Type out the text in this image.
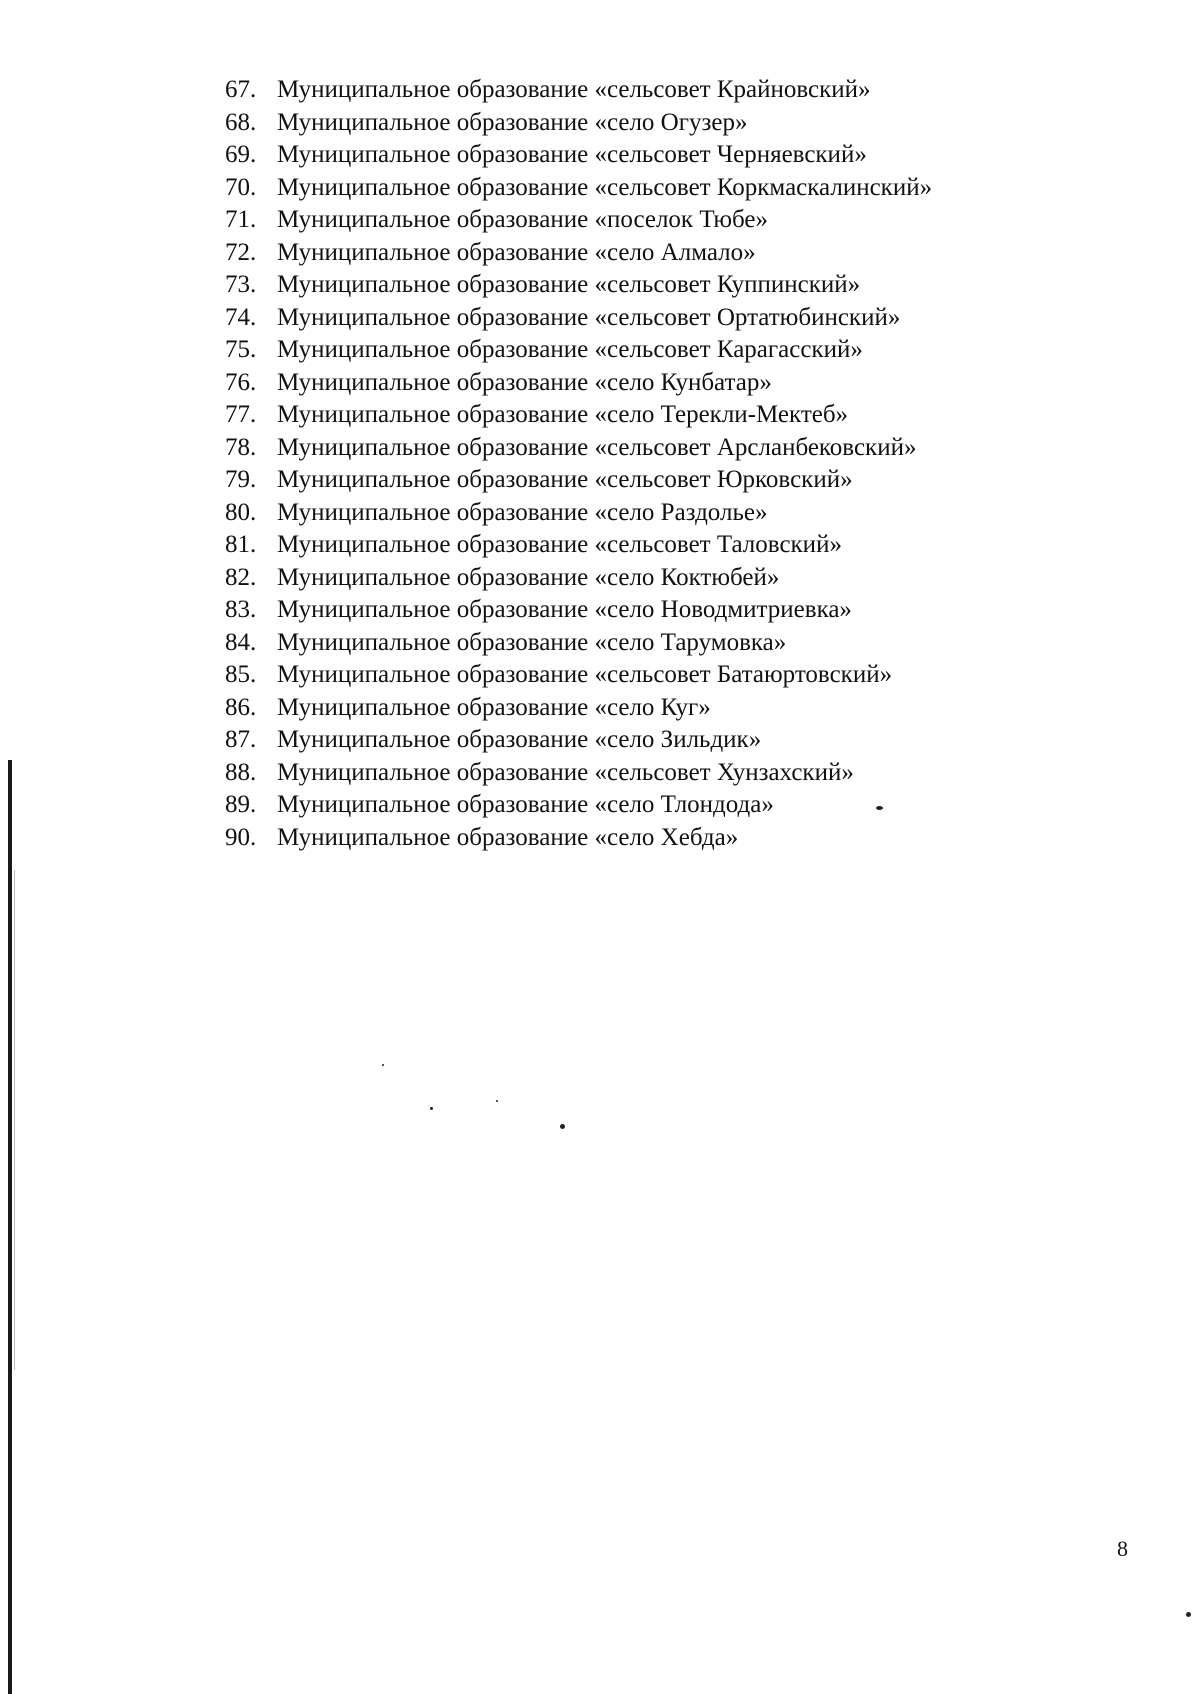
67. Муниципальное образование «сельсовет Крайновский»
68. Муниципальное образование «село Огузер»
69. Муниципальное образование «сельсовет Черняевский»
70. Муниципальное образование «сельсовет Коркмаскалинский»
71. Муниципальное образование «поселок Тюбе»
72. Муниципальное образование «село Алмало»
73. Муниципальное образование «сельсовет Куппинский»
74. Муниципальное образование «сельсовет Ортатюбинский»
75. Муниципальное образование «сельсовет Карагасский»
76. Муниципальное образование «село Кунбатар»
77. Муниципальное образование «село Терекли-Мектеб»
78. Муниципальное образование «сельсовет Арсланбековский»
79. Муниципальное образование «сельсовет Юрковский»
80. Муниципальное образование «село Раздолье»
81. Муниципальное образование «сельсовет Таловский»
82. Муниципальное образование «село Коктюбей»
83. Муниципальное образование «село Новодмитриевка»
84. Муниципальное образование «село Тарумовка»
85. Муниципальное образование «сельсовет Батаюртовский»
86. Муниципальное образование «село Куг»
87. Муниципальное образование «село Зильдик»
88. Муниципальное образование «сельсовет Хунзахский»
89. Муниципальное образование «село Тлондода»
90. Муниципальное образование «село Хебда»
8
